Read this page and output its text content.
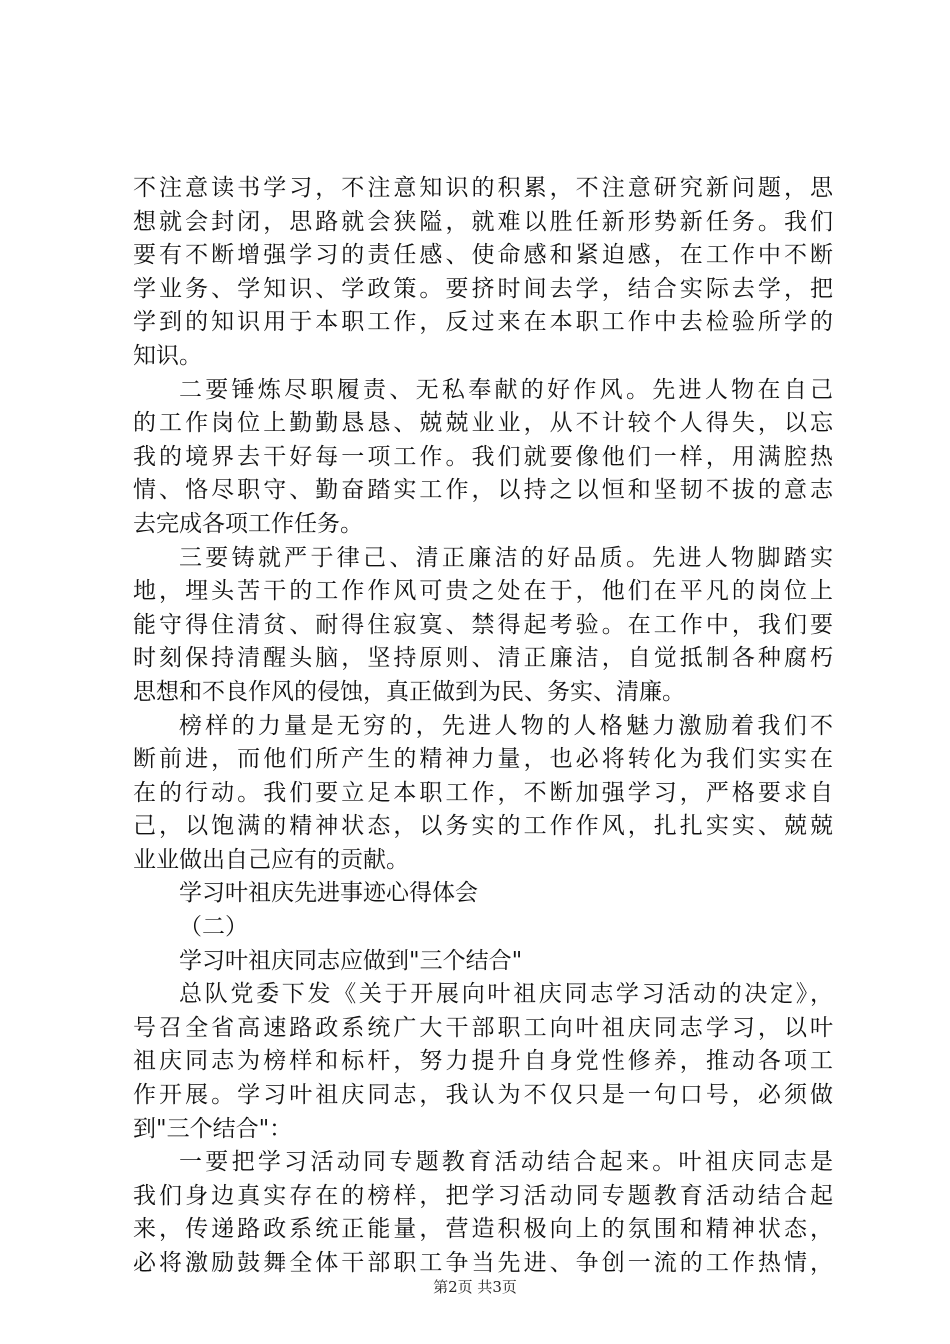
不注意读书学习，不注意知识的积累，不注意研究新问题，思
想就会封闭，思路就会狭隘，就难以胜任新形势新任务。我们
要有不断增强学习的责任感、使命感和紧迫感，在工作中不断
学业务、学知识、学政策。要挤时间去学，结合实际去学，把
学到的知识用于本职工作，反过来在本职工作中去检验所学的
知识。
二要锤炼尽职履责、无私奉献的好作风。先进人物在自己
的工作岗位上勤勤恳恳、兢兢业业，从不计较个人得失，以忘
我的境界去干好每一项工作。我们就要像他们一样，用满腔热
情、恪尽职守、勤奋踏实工作，以持之以恒和坚韧不拔的意志
去完成各项工作任务。
三要铸就严于律己、清正廉洁的好品质。先进人物脚踏实
地，埋头苦干的工作作风可贵之处在于，他们在平凡的岗位上
能守得住清贫、耐得住寂寞、禁得起考验。在工作中，我们要
时刻保持清醒头脑，坚持原则、清正廉洁，自觉抵制各种腐朽
思想和不良作风的侵蚀，真正做到为民、务实、清廉。
榜样的力量是无穷的，先进人物的人格魅力激励着我们不
断前进，而他们所产生的精神力量，也必将转化为我们实实在
在的行动。我们要立足本职工作，不断加强学习，严格要求自
己，以饱满的精神状态，以务实的工作作风，扎扎实实、兢兢
业业做出自己应有的贡献。
学习叶祖庆先进事迹心得体会
（二）
学习叶祖庆同志应做到"三个结合"
总队党委下发《关于开展向叶祖庆同志学习活动的决定》，
号召全省高速路政系统广大干部职工向叶祖庆同志学习，以叶
祖庆同志为榜样和标杆，努力提升自身党性修养，推动各项工
作开展。学习叶祖庆同志，我认为不仅只是一句口号，必须做
到"三个结合"：
一要把学习活动同专题教育活动结合起来。叶祖庆同志是
我们身边真实存在的榜样，把学习活动同专题教育活动结合起
来，传递路政系统正能量，营造积极向上的氛围和精神状态，
必将激励鼓舞全体干部职工争当先进、争创一流的工作热情，
第2页 共3页
